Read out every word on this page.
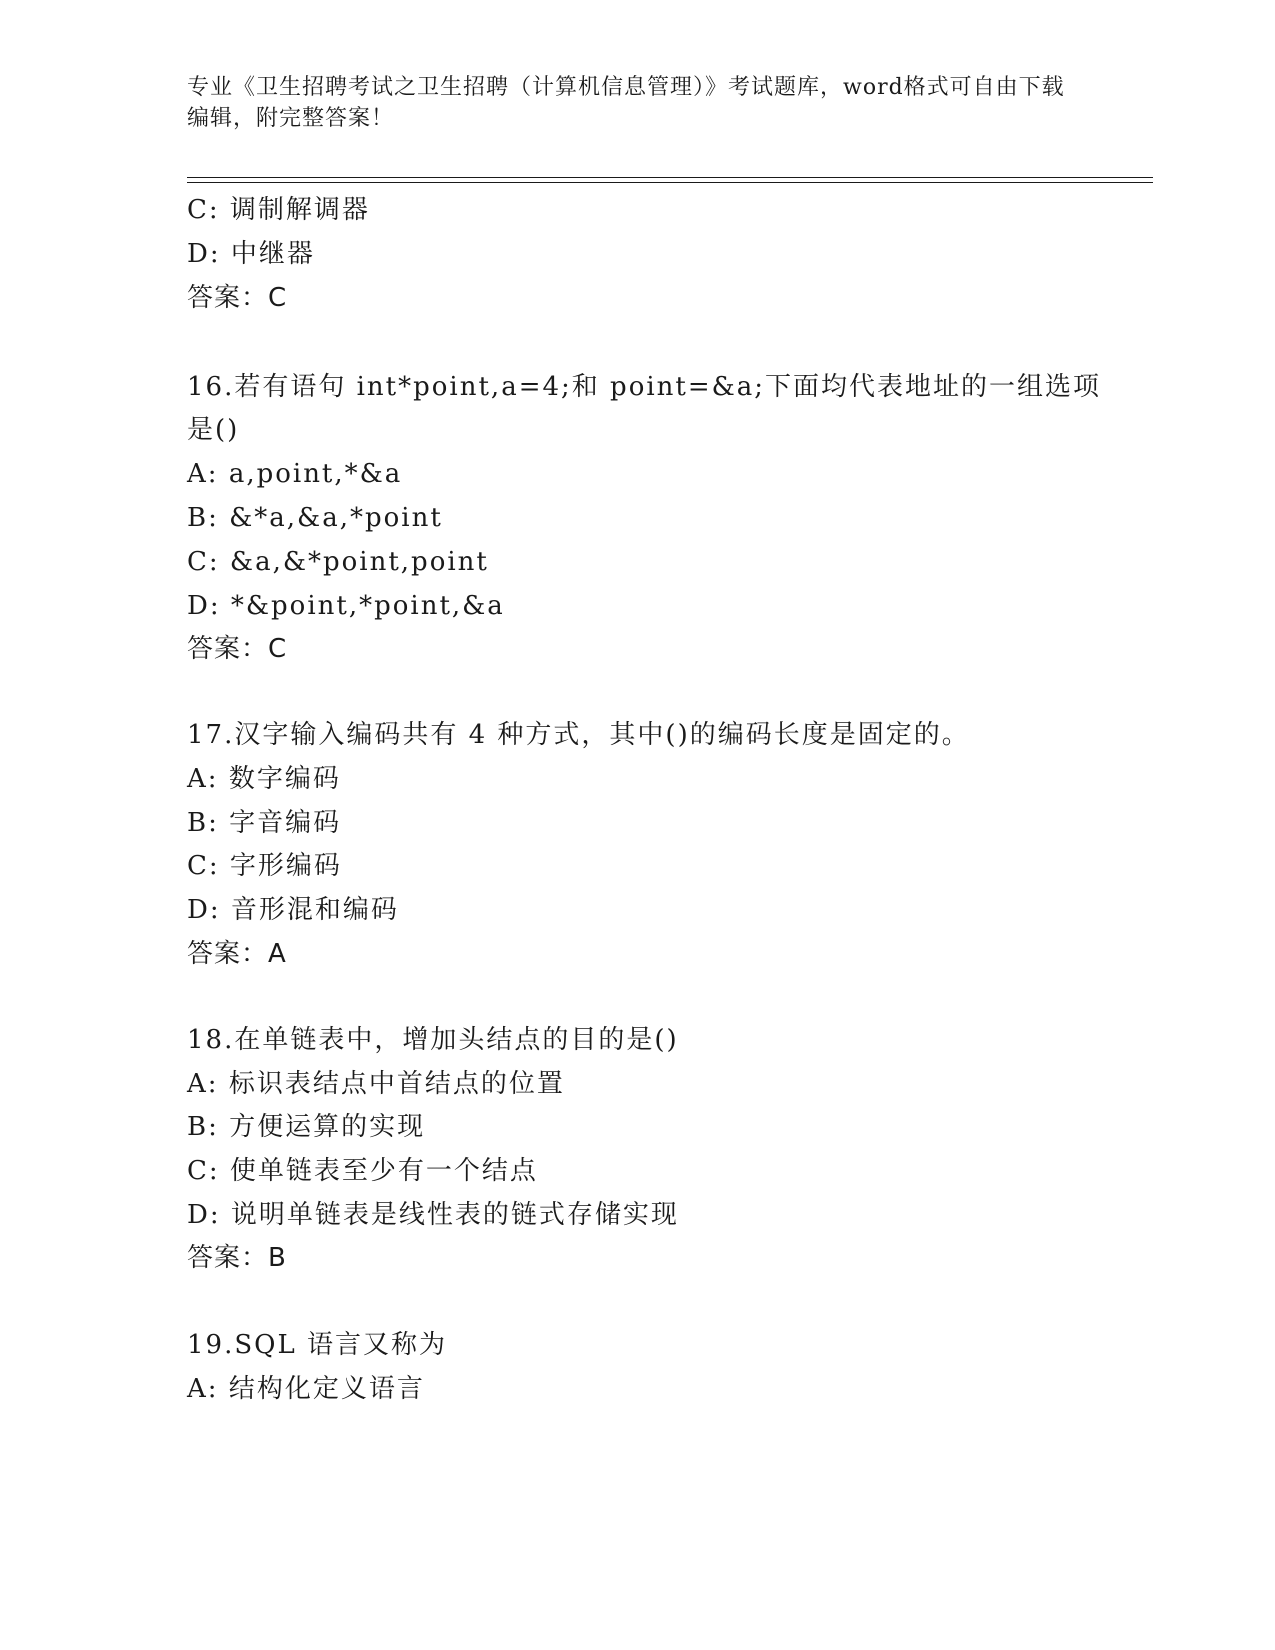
专业《卫生招聘考试之卫生招聘（计算机信息管理）》考试题库，word格式可自由下载编辑，附完整答案！
C: 调制解调器
D: 中继器
答案：C
16.若有语句 int*point,a=4;和 point=&a;下面均代表地址的一组选项
是()
A: a,point,*&a
B: &*a,&a,*point
C: &a,&*point,point
D: *&point,*point,&a
答案：C
17.汉字输入编码共有 4 种方式，其中()的编码长度是固定的。
A: 数字编码
B: 字音编码
C: 字形编码
D: 音形混和编码
答案：A
18.在单链表中，增加头结点的目的是()
A: 标识表结点中首结点的位置
B: 方便运算的实现
C: 使单链表至少有一个结点
D: 说明单链表是线性表的链式存储实现
答案：B
19.SQL 语言又称为
A: 结构化定义语言
